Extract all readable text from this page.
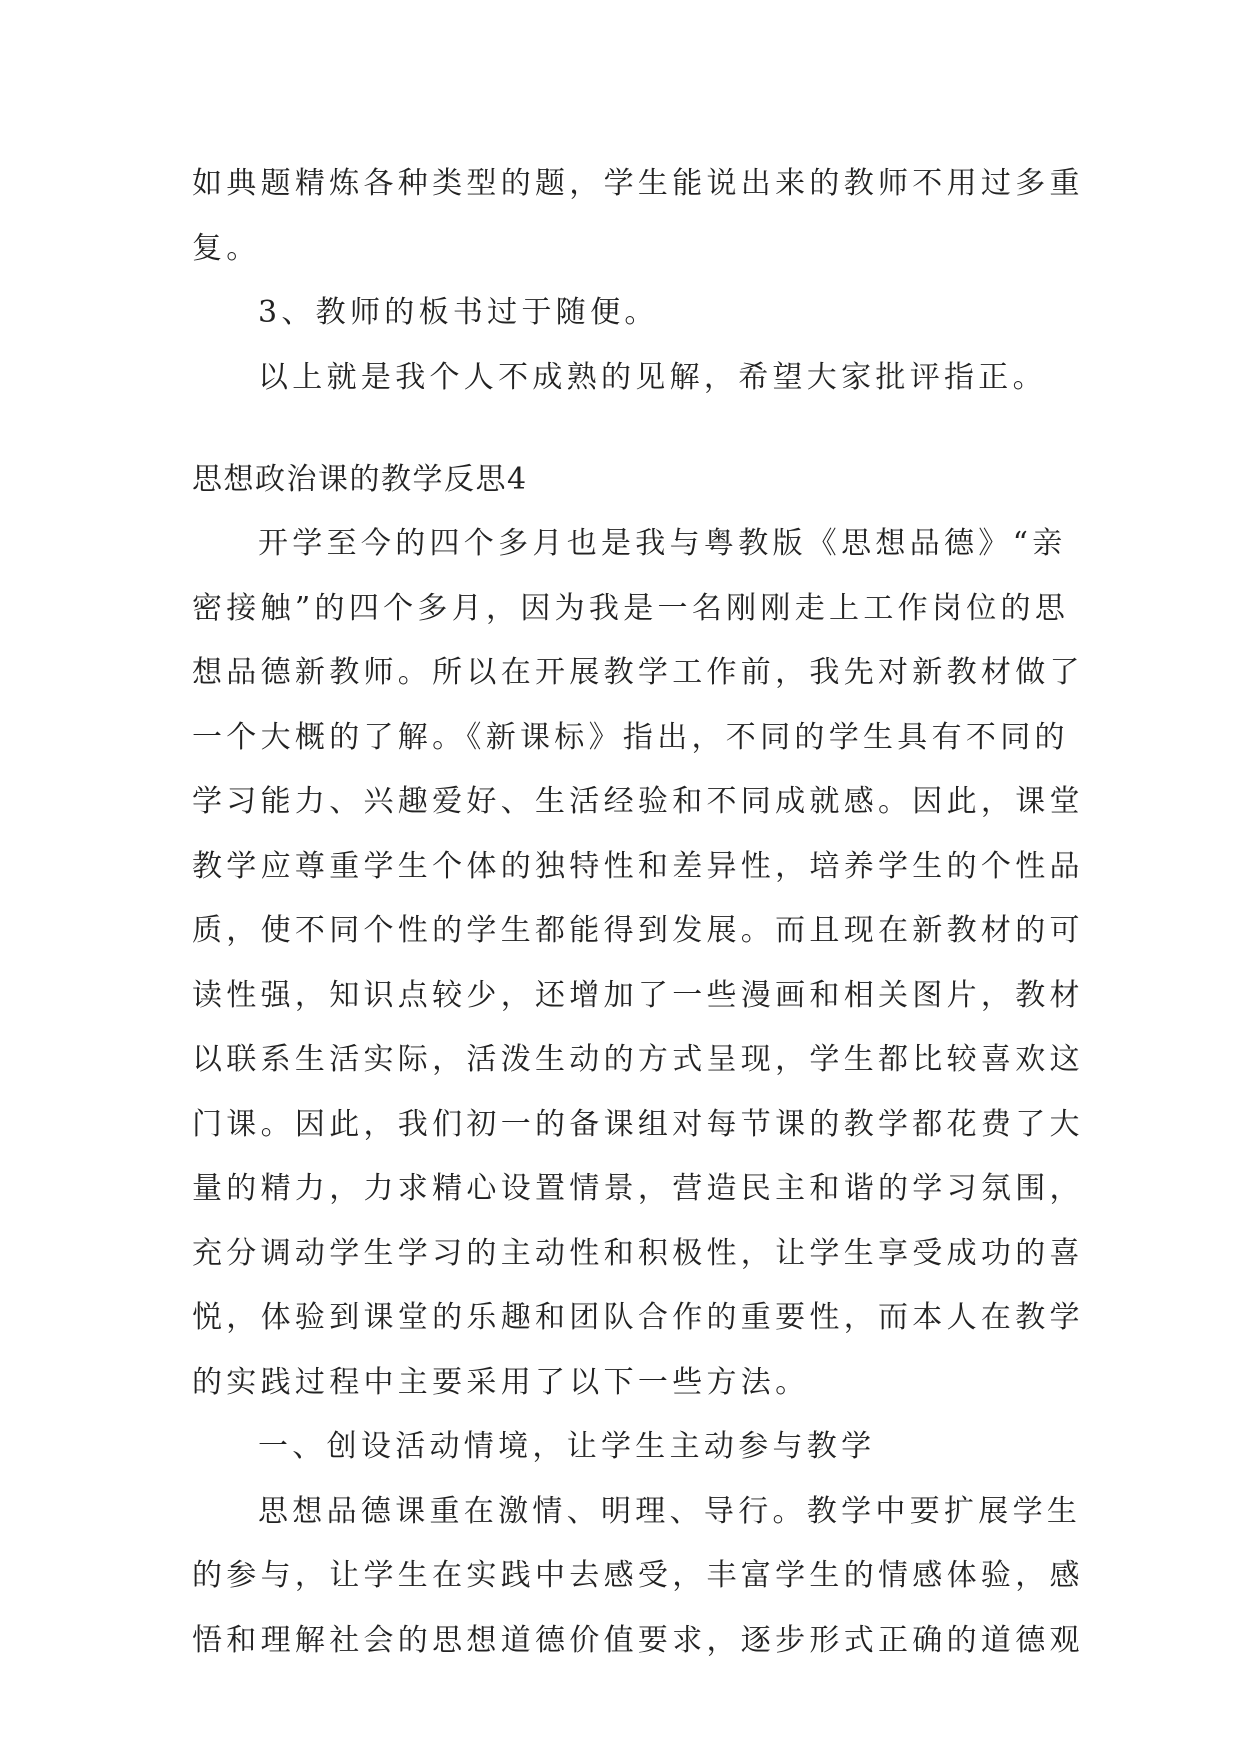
如典题精炼各种类型的题，学生能说出来的教师不用过多重
复。
3、教师的板书过于随便。
以上就是我个人不成熟的见解，希望大家批评指正。
思想政治课的教学反思4
开学至今的四个多月也是我与粤教版《思想品德》“亲
密接触”的四个多月，因为我是一名刚刚走上工作岗位的思
想品德新教师。所以在开展教学工作前，我先对新教材做了
一个大概的了解。《新课标》指出，不同的学生具有不同的
学习能力、兴趣爱好、生活经验和不同成就感。因此，课堂
教学应尊重学生个体的独特性和差异性，培养学生的个性品
质，使不同个性的学生都能得到发展。而且现在新教材的可
读性强，知识点较少，还增加了一些漫画和相关图片，教材
以联系生活实际，活泼生动的方式呈现，学生都比较喜欢这
门课。因此，我们初一的备课组对每节课的教学都花费了大
量的精力，力求精心设置情景，营造民主和谐的学习氛围，
充分调动学生学习的主动性和积极性，让学生享受成功的喜
悦，体验到课堂的乐趣和团队合作的重要性，而本人在教学
的实践过程中主要采用了以下一些方法。
一、创设活动情境，让学生主动参与教学
思想品德课重在激情、明理、导行。教学中要扩展学生
的参与，让学生在实践中去感受，丰富学生的情感体验，感
悟和理解社会的思想道德价值要求，逐步形式正确的道德观
